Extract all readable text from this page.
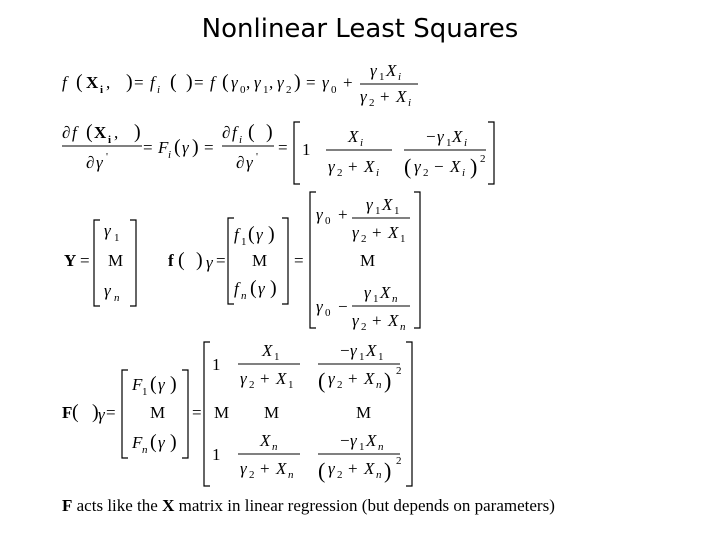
Nonlinear Least Squares
f ( X i , ) = f i ( ) = f ( γ 0 , γ 1 , γ 2 ) = γ 0 +
γ 1 X i
γ 2 + X i
∂ f ( X i , )
∂ γ ' = F i ( γ ) =
∂ f i ( )
∂ γ ' = 1
X i
γ 2 + X i
− γ 1 X i
( γ 2 − X i ) 2
Y =
γ 1
M
γ n
f ( ) γ =
f 1 ( γ )
M
f n ( γ )
=
γ 0 +
γ 1 X 1
γ 2 + X 1
M
γ 0 −
γ 1 X n
γ 2 + X n
F ( ) γ =
F 1 ( γ )
M
F n ( γ )
=
1
X 1
γ 2 + X 1
− γ 1 X 1
( γ 2 + X n ) 2
M M	M
1
X n
γ 2 + X n
− γ 1 X n
( γ 2 + X n ) 2
F acts like the X matrix in linear regression (but depends on parameters)
